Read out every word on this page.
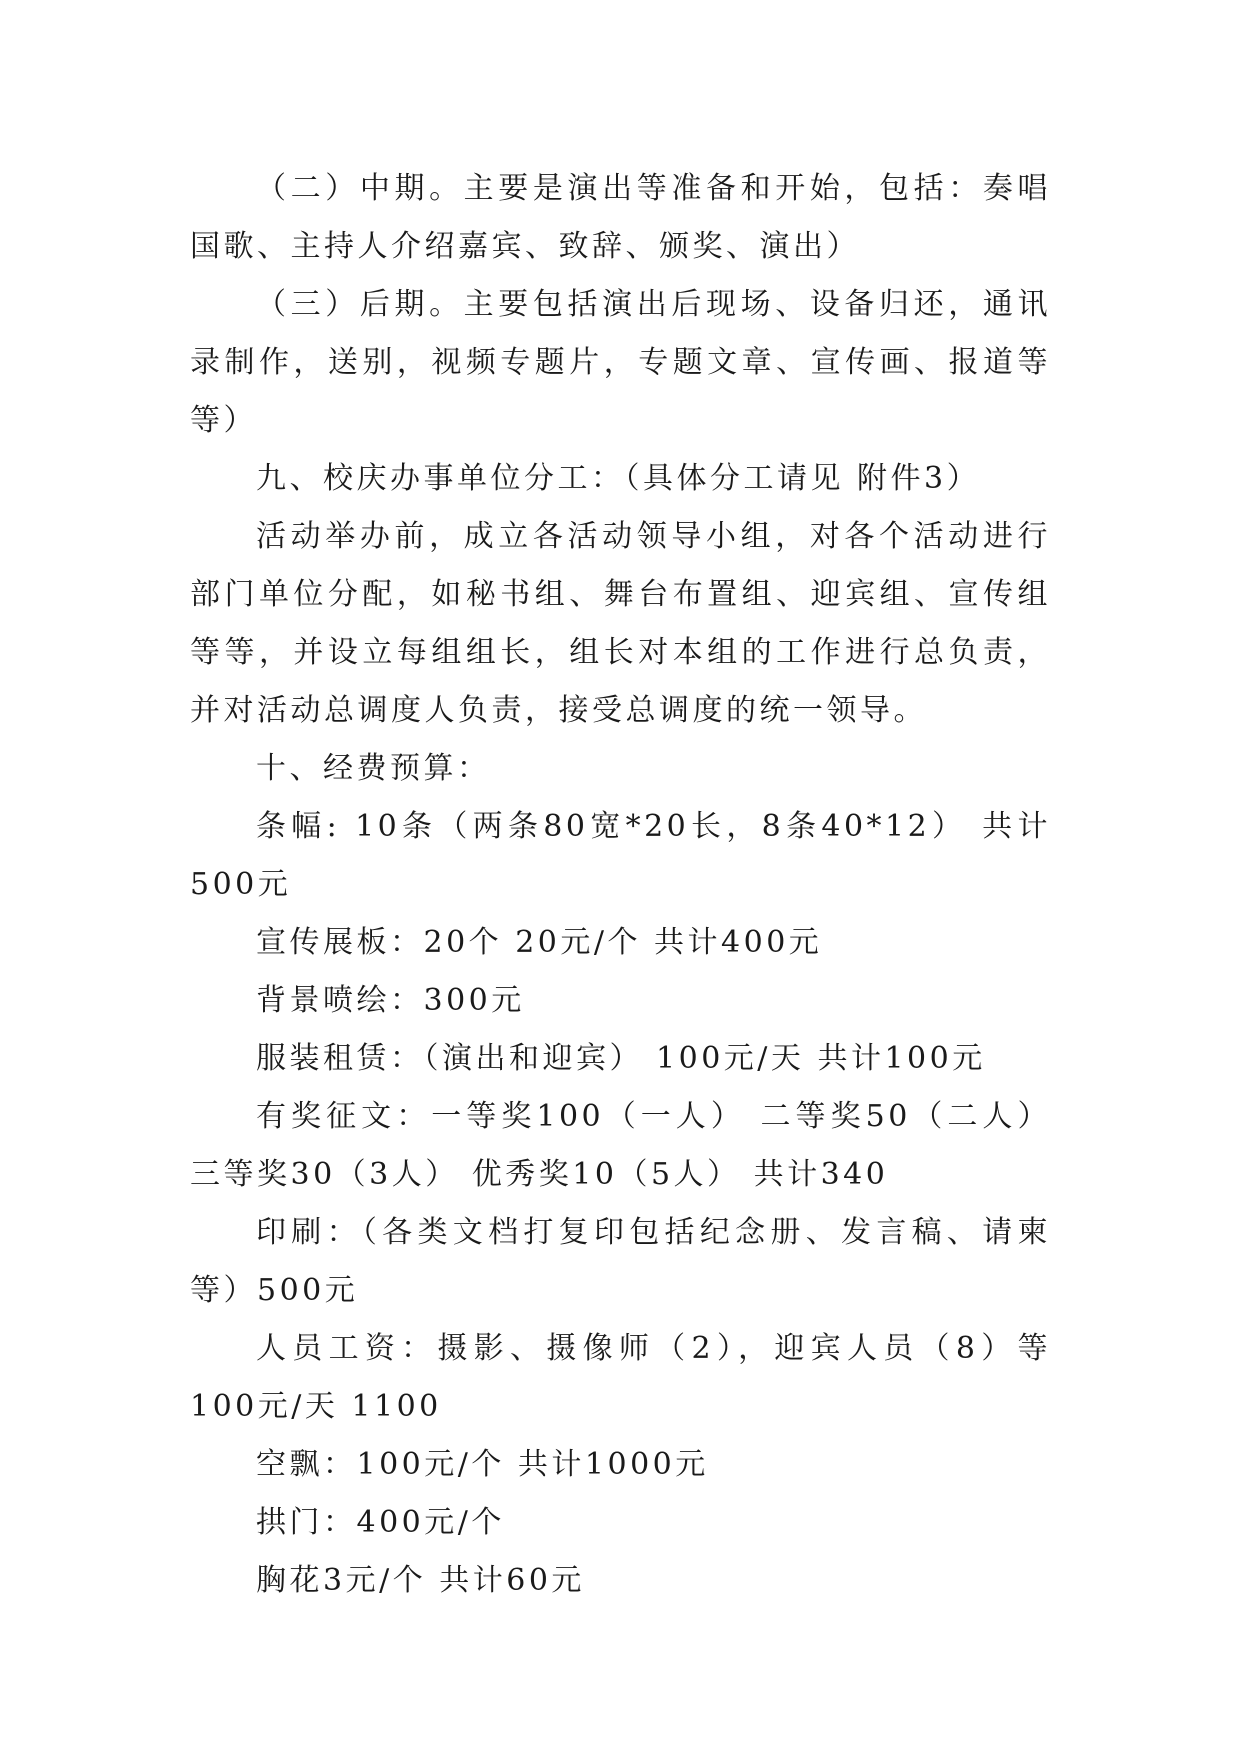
（二）中期。主要是演出等准备和开始，包括：奏唱国歌、主持人介绍嘉宾、致辞、颁奖、演出）

（三）后期。主要包括演出后现场、设备归还，通讯录制作，送别，视频专题片，专题文章、宣传画、报道等等）

九、校庆办事单位分工：（具体分工请见 附件3）

活动举办前，成立各活动领导小组，对各个活动进行部门单位分配，如秘书组、舞台布置组、迎宾组、宣传组等等，并设立每组组长，组长对本组的工作进行总负责，并对活动总调度人负责，接受总调度的统一领导。

十、经费预算：

条幅: 10条（两条80宽*20长，8条40*12） 共计500元

宣传展板：20个 20元/个 共计400元

背景喷绘：300元

服装租赁：（演出和迎宾） 100元/天 共计100元

有奖征文：一等奖100（一人） 二等奖50（二人） 三等奖30（3人） 优秀奖10（5人） 共计340

印刷：（各类文档打复印包括纪念册、发言稿、请柬等）500元

人员工资：摄影、摄像师（2），迎宾人员（8）等100元/天 1100

空飘：100元/个 共计1000元

拱门：400元/个

胸花3元/个 共计60元
